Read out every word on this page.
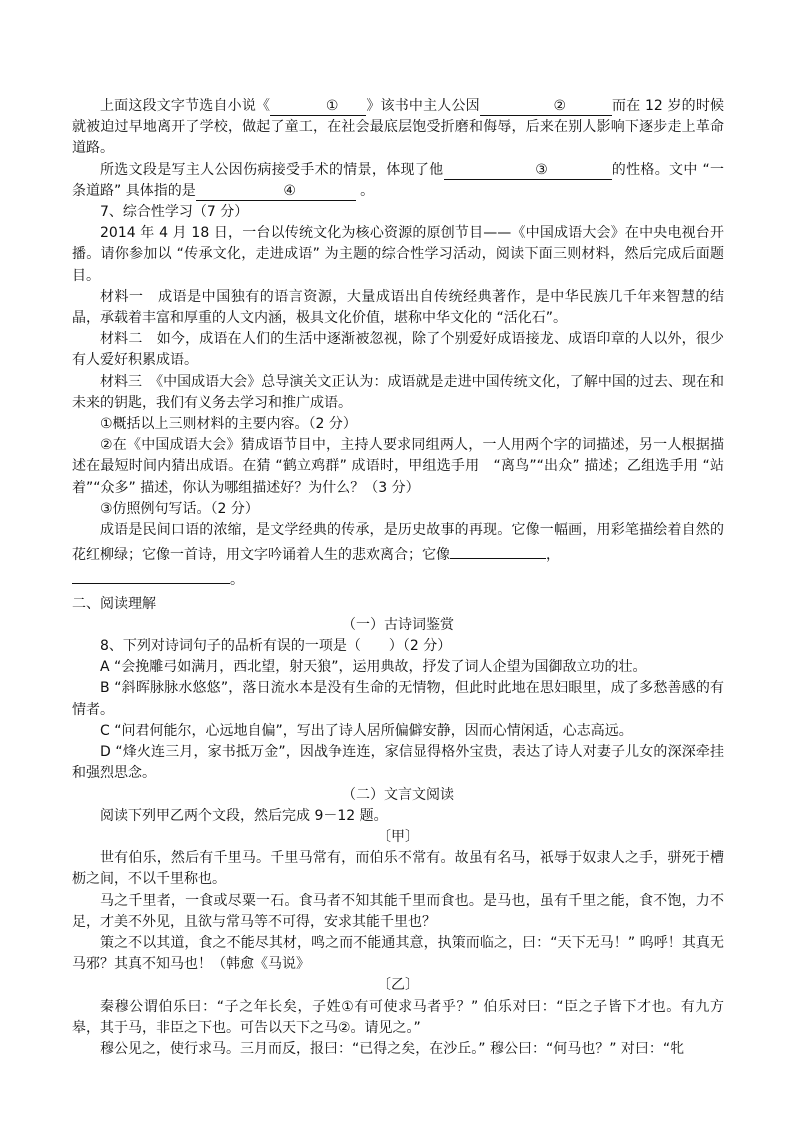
上面这段文字节选自小说《	① 》该书中主人公因	②	而在 12 岁的时候就被迫过早地离开了学校，做起了童工，在社会最底层饱受折磨和侮辱，后来在别人影响下逐步走上革命道路。

所选文段是写主人公因伤病接受手术的情景，体现了他	③	的性格。文中 “一条道路” 具体指的是	④	。

7、综合性学习（7 分）

2014 年 4 月 18 日，一台以传统文化为核心资源的原创节目——《中国成语大会》在中央电视台开播。请你参加以 “传承文化，走进成语” 为主题的综合性学习活动，阅读下面三则材料，然后完成后面题目。

材料一　成语是中国独有的语言资源，大量成语出自传统经典著作，是中华民族几千年来智慧的结晶，承载着丰富和厚重的人文内涵，极具文化价值，堪称中华文化的 “活化石”。

材料二　如今，成语在人们的生活中逐渐被忽视，除了个别爱好成语接龙、成语印章的人以外，很少有人爱好积累成语。

材料三　《中国成语大会》总导演关文正认为：成语就是走进中国传统文化，了解中国的过去、现在和未来的钥匙，我们有义务去学习和推广成语。

①概括以上三则材料的主要内容。（2 分）

②在《中国成语大会》猜成语节目中，主持人要求同组两人，一人用两个字的词描述，另一人根据描述在最短时间内猜出成语。在猜 “鹤立鸡群” 成语时，甲组选手用　“离鸟”“出众” 描述；乙组选手用 “站着”“众多” 描述，你认为哪组描述好？为什么？（3 分）

③仿照例句写话。（2 分）

成语是民间口语的浓缩，是文学经典的传承，是历史故事的再现。它像一幅画，用彩笔描绘着自然的花红柳绿；它像一首诗，用文字吟诵着人生的悲欢离合；它像	，

。

二、阅读理解

（一）古诗词鉴赏

8、下列对诗词句子的品析有误的一项是（　　）（2 分）

A “会挽雕弓如满月，西北望，射天狼”，运用典故，抒发了词人企望为国御敌立功的壮。

B “斜晖脉脉水悠悠”，落日流水本是没有生命的无情物，但此时此地在思妇眼里，成了多愁善感的有情者。

C “问君何能尔，心远地自偏”，写出了诗人居所偏僻安静，因而心情闲适，心志高远。

D “烽火连三月，家书抵万金”，因战争连连，家信显得格外宝贵，表达了诗人对妻子儿女的深深牵挂和强烈思念。

（二）文言文阅读

阅读下列甲乙两个文段，然后完成 9－12 题。

〔甲〕

世有伯乐，然后有千里马。千里马常有，而伯乐不常有。故虽有名马，祇辱于奴隶人之手，骈死于槽枥之间，不以千里称也。

马之千里者，一食或尽粟一石。食马者不知其能千里而食也。是马也，虽有千里之能，食不饱，力不足，才美不外见，且欲与常马等不可得，安求其能千里也？

策之不以其道，食之不能尽其材，鸣之而不能通其意，执策而临之，曰：“天下无马！” 呜呼！其真无马邪？其真不知马也！（韩愈《马说》

〔乙〕

秦穆公谓伯乐曰：“子之年长矣，子姓①有可使求马者乎？” 伯乐对曰：“臣之子皆下才也。有九方皋，其于马，非臣之下也。可告以天下之马②。请见之。”

穆公见之，使行求马。三月而反，报曰：“已得之矣，在沙丘。” 穆公曰：“何马也？” 对曰：“牝
